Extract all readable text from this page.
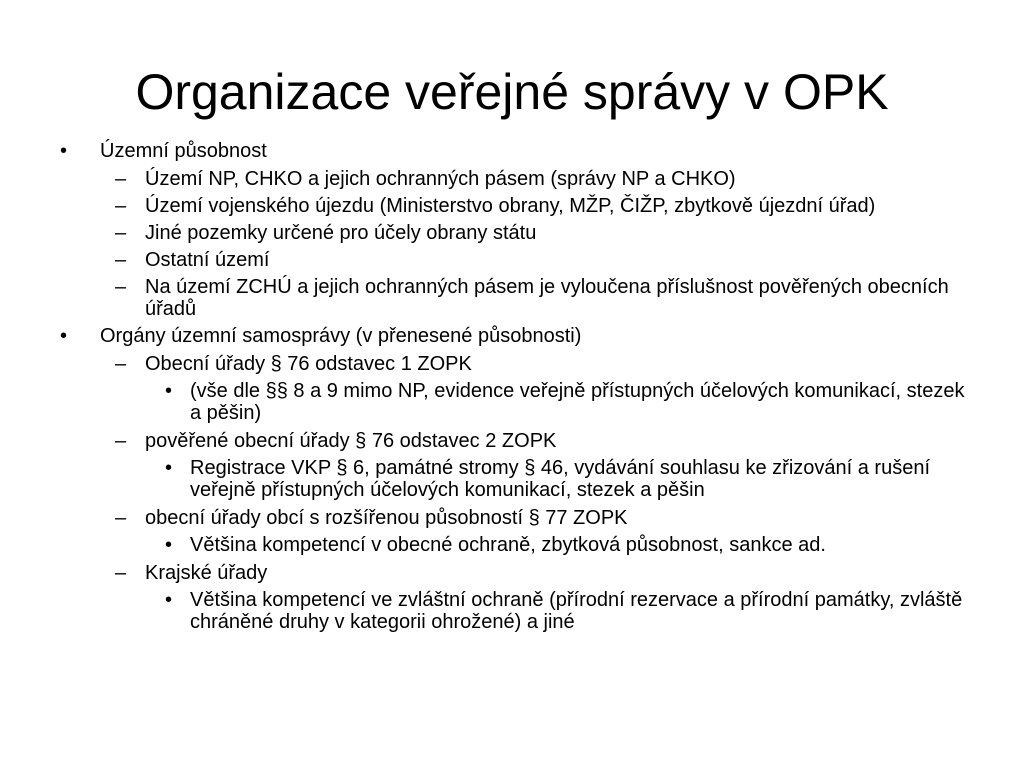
Organizace veřejné správy v OPK
• Územní působnost
– Území NP, CHKO a jejich ochranných pásem (správy NP a CHKO)
– Území vojenského újezdu (Ministerstvo obrany, MŽP, ČIŽP, zbytkově újezdní úřad)
– Jiné pozemky určené pro účely obrany státu
– Ostatní území
– Na území ZCHÚ a jejich ochranných pásem je vyloučena příslušnost pověřených obecních úřadů
• Orgány územní samosprávy (v přenesené působnosti)
– Obecní úřady § 76 odstavec 1 ZOPK
• (vše dle §§ 8 a 9 mimo NP, evidence veřejně přístupných účelových komunikací, stezek a pěšin)
– pověřené obecní úřady § 76 odstavec 2 ZOPK
• Registrace VKP § 6, památné stromy § 46, vydávání souhlasu ke zřizování a rušení veřejně přístupných účelových komunikací, stezek a pěšin
– obecní úřady obcí s rozšířenou působností § 77 ZOPK
• Většina kompetencí v obecné ochraně, zbytková působnost, sankce ad.
– Krajské úřady
• Většina kompetencí ve zvláštní ochraně (přírodní rezervace a přírodní památky, zvláště chráněné druhy v kategorii ohrožené) a jiné
